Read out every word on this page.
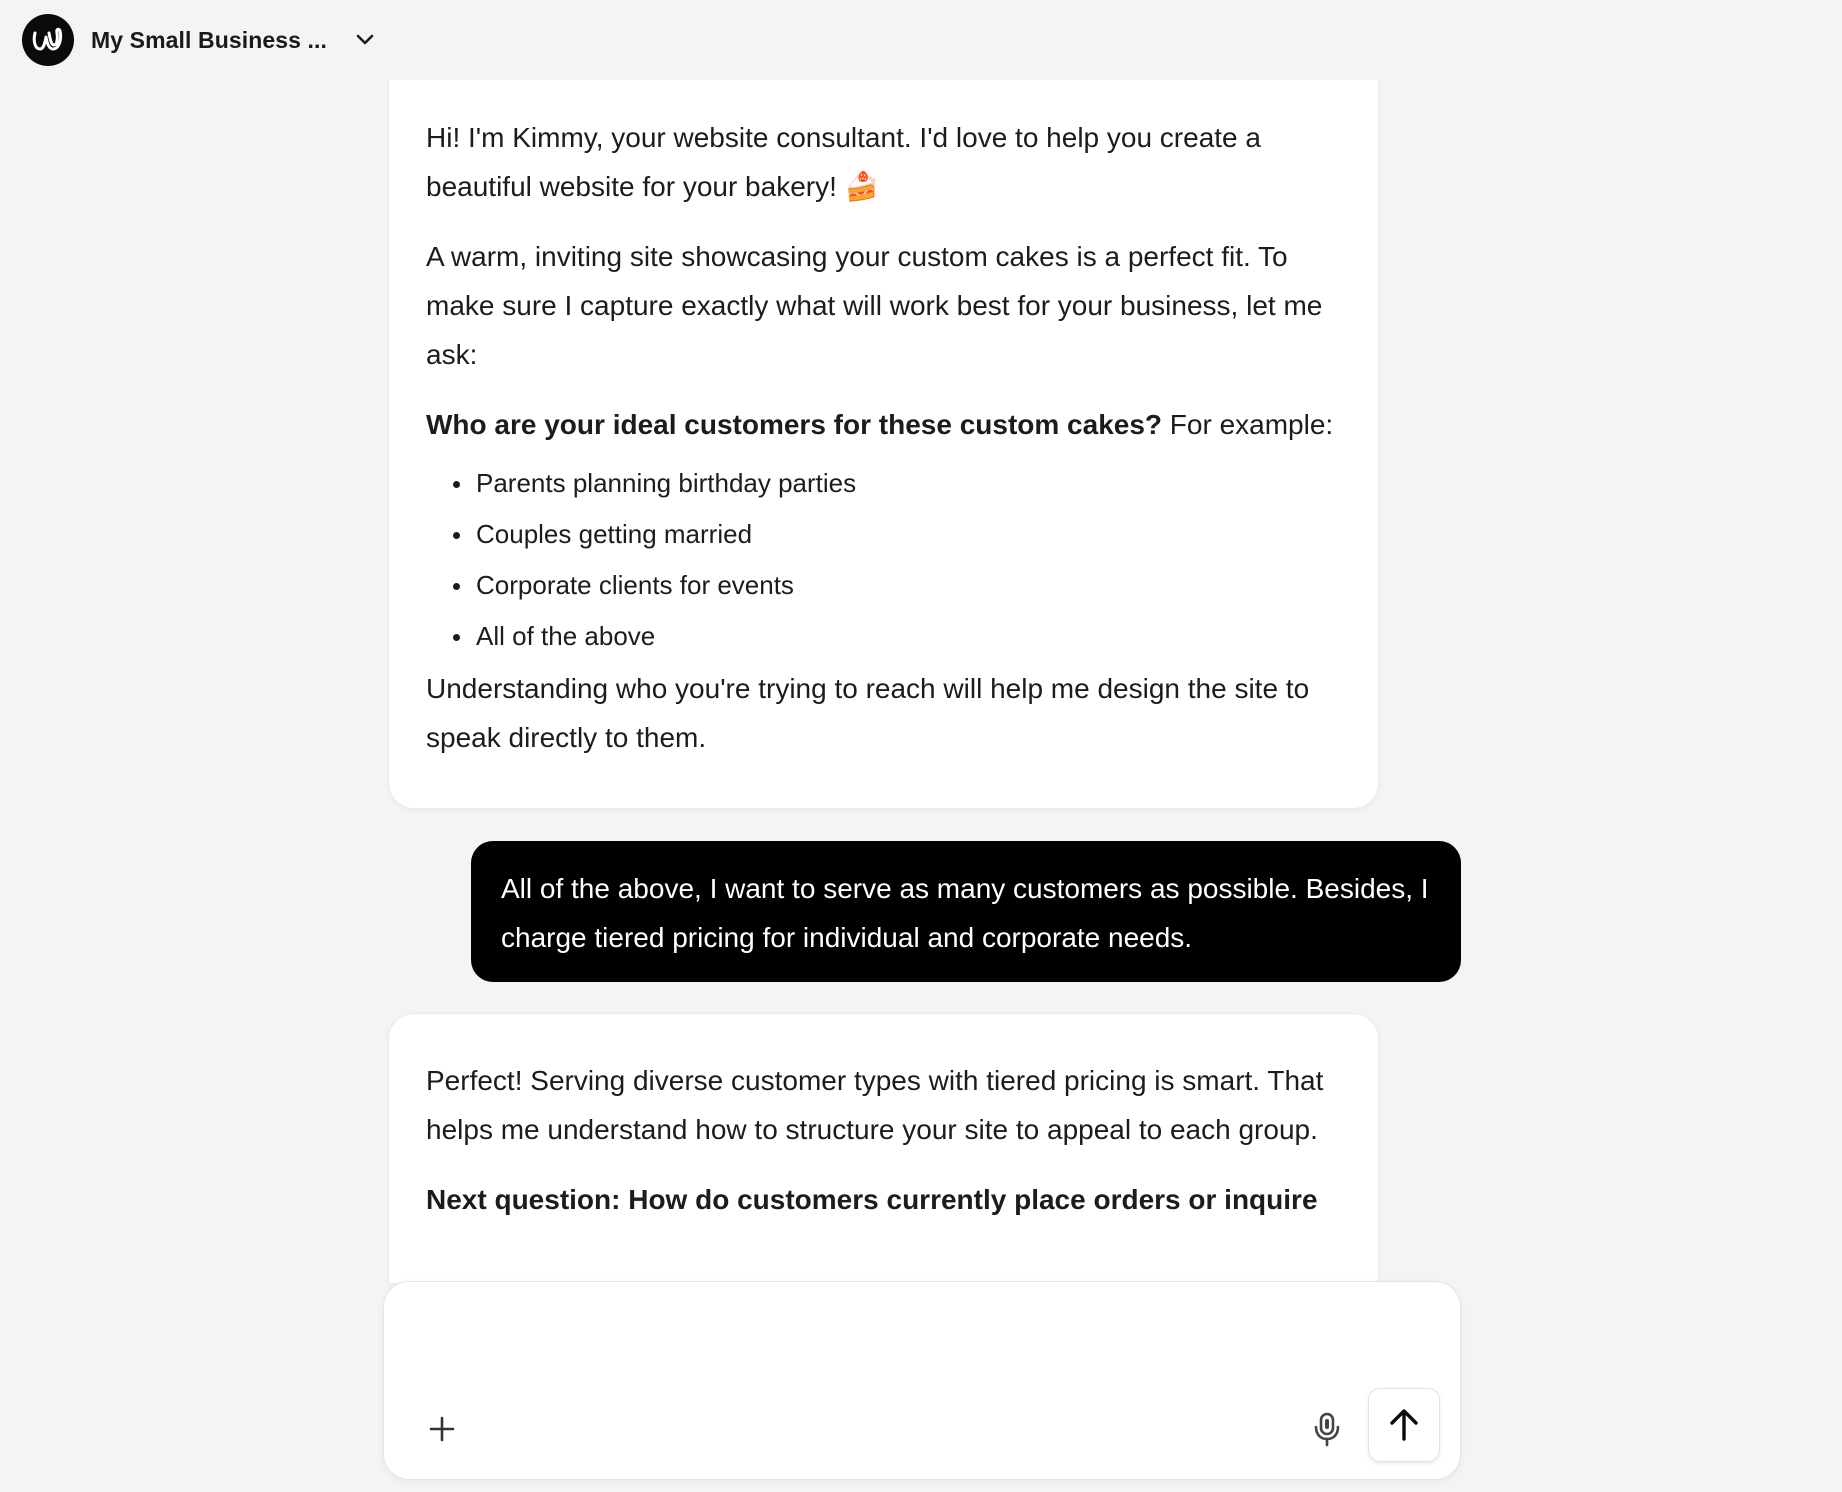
My Small Business ...

Hi! I'm Kimmy, your website consultant. I'd love to help you create a beautiful website for your bakery! 🍰

A warm, inviting site showcasing your custom cakes is a perfect fit. To make sure I capture exactly what will work best for your business, let me ask:

Who are your ideal customers for these custom cakes? For example:

Parents planning birthday parties
Couples getting married
Corporate clients for events
All of the above

Understanding who you're trying to reach will help me design the site to speak directly to them.

All of the above, I want to serve as many customers as possible. Besides, I charge tiered pricing for individual and corporate needs.

Perfect! Serving diverse customer types with tiered pricing is smart. That helps me understand how to structure your site to appeal to each group.

Next question: How do customers currently place orders or inquire
